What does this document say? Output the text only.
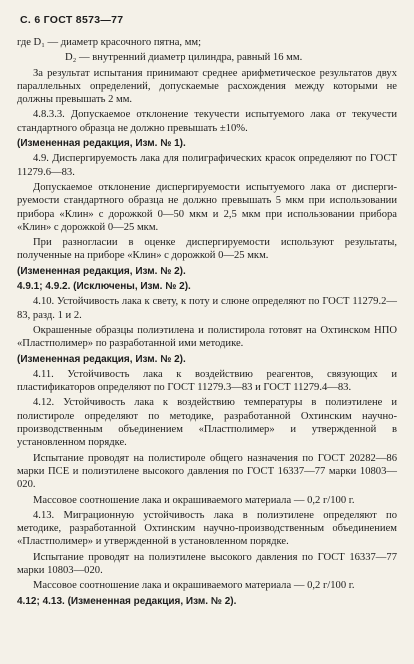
С. 6 ГОСТ 8573—77

где D₁ — диаметр красочного пятна, мм;

D₂ — внутренний диаметр цилиндра, равный 16 мм.

За результат испытания принимают среднее арифметическое результатов двух параллельных определений, допускаемые расхождения между которыми не должны превышать 2 мм.

4.8.3.3. Допускаемое отклонение текучести испытуемого лака от текучести стандартного образца не должно превышать ±10%.

(Измененная редакция, Изм. № 1).

4.9. Диспергируемость лака для полиграфических красок определяют по ГОСТ 11279.6—83.

Допускаемое отклонение диспергируемости испытуемого лака от диспергируемости стандартного образца не должно превышать 5 мкм при использовании прибора «Клин» с дорожкой 0—50 мкм и 2,5 мкм при использовании прибора «Клин» с дорожкой 0—25 мкм.

При разногласии в оценке диспергируемости используют результаты, полученные на приборе «Клин» с дорожкой 0—25 мкм.

(Измененная редакция, Изм. № 2).

4.9.1; 4.9.2. (Исключены, Изм. № 2).

4.10. Устойчивость лака к свету, к поту и слюне определяют по ГОСТ 11279.2—83, разд. 1 и 2.

Окрашенные образцы полиэтилена и полистирола готовят на Охтинском НПО «Пластполимер» по разработанной ими методике.

(Измененная редакция, Изм. № 2).

4.11. Устойчивость лака к воздействию реагентов, связующих и пластификаторов определяют по ГОСТ 11279.3—83 и ГОСТ 11279.4—83.

4.12. Устойчивость лака к воздействию температуры в полиэтилене и полистироле определяют по методике, разработанной Охтинским научно-производственным объединением «Пластполимер» и утвержденной в установленном порядке.

Испытание проводят на полистироле общего назначения по ГОСТ 20282—86 марки ПСЕ и полиэтилене высокого давления по ГОСТ 16337—77 марки 10803—020.

Массовое соотношение лака и окрашиваемого материала — 0,2 г/100 г.

4.13. Миграционную устойчивость лака в полиэтилене определяют по методике, разработанной Охтинским научно-производственным объединением «Пластполимер» и утвержденной в установленном порядке.

Испытание проводят на полиэтилене высокого давления по ГОСТ 16337—77 марки 10803—020.

Массовое соотношение лака и окрашиваемого материала — 0,2 г/100 г.

4.12; 4.13. (Измененная редакция, Изм. № 2).
